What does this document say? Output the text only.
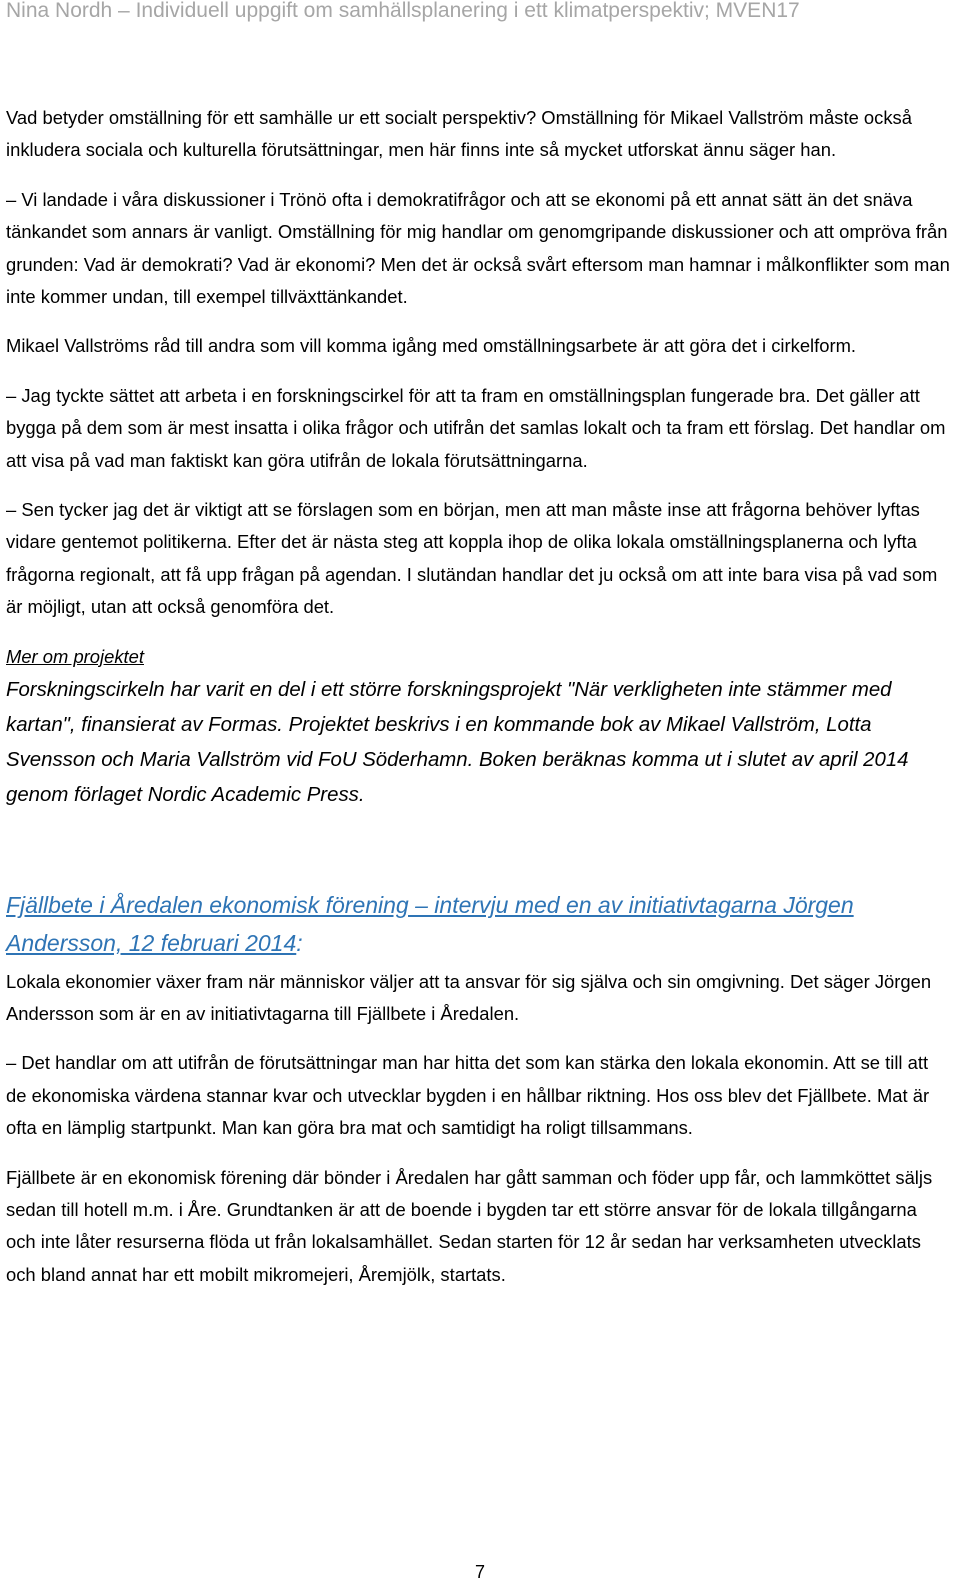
Nina Nordh – Individuell uppgift om samhällsplanering i ett klimatperspektiv; MVEN17

Vad betyder omställning för ett samhälle ur ett socialt perspektiv? Omställning för Mikael Vallström måste också inkludera sociala och kulturella förutsättningar, men här finns inte så mycket utforskat ännu säger han.

– Vi landade i våra diskussioner i Trönö ofta i demokratifrågor och att se ekonomi på ett annat sätt än det snäva tänkandet som annars är vanligt. Omställning för mig handlar om genomgripande diskussioner och att ompröva från grunden: Vad är demokrati? Vad är ekonomi? Men det är också svårt eftersom man hamnar i målkonflikter som man inte kommer undan, till exempel tillväxttänkandet.

Mikael Vallströms råd till andra som vill komma igång med omställningsarbete är att göra det i cirkelform.

– Jag tyckte sättet att arbeta i en forskningscirkel för att ta fram en omställningsplan fungerade bra. Det gäller att bygga på dem som är mest insatta i olika frågor och utifrån det samlas lokalt och ta fram ett förslag. Det handlar om att visa på vad man faktiskt kan göra utifrån de lokala förutsättningarna.

– Sen tycker jag det är viktigt att se förslagen som en början, men att man måste inse att frågorna behöver lyftas vidare gentemot politikerna. Efter det är nästa steg att koppla ihop de olika lokala omställningsplanerna och lyfta frågorna regionalt, att få upp frågan på agendan. I slutändan handlar det ju också om att inte bara visa på vad som är möjligt, utan att också genomföra det.

Mer om projektet
Forskningscirkeln har varit en del i ett större forskningsprojekt "När verkligheten inte stämmer med kartan", finansierat av Formas. Projektet beskrivs i en kommande bok av Mikael Vallström, Lotta Svensson och Maria Vallström vid FoU Söderhamn. Boken beräknas komma ut i slutet av april 2014 genom förlaget Nordic Academic Press.
Fjällbete i Åredalen ekonomisk förening – intervju med en av initiativtagarna Jörgen Andersson, 12 februari 2014:

Lokala ekonomier växer fram när människor väljer att ta ansvar för sig själva och sin omgivning. Det säger Jörgen Andersson som är en av initiativtagarna till Fjällbete i Åredalen.

– Det handlar om att utifrån de förutsättningar man har hitta det som kan stärka den lokala ekonomin. Att se till att de ekonomiska värdena stannar kvar och utvecklar bygden i en hållbar riktning. Hos oss blev det Fjällbete. Mat är ofta en lämplig startpunkt. Man kan göra bra mat och samtidigt ha roligt tillsammans.

Fjällbete är en ekonomisk förening där bönder i Åredalen har gått samman och föder upp får, och lammköttet säljs sedan till hotell m.m. i Åre. Grundtanken är att de boende i bygden tar ett större ansvar för de lokala tillgångarna och inte låter resurserna flöda ut från lokalsamhället. Sedan starten för 12 år sedan har verksamheten utvecklats och bland annat har ett mobilt mikromejeri, Åremjölk, startats.

7
